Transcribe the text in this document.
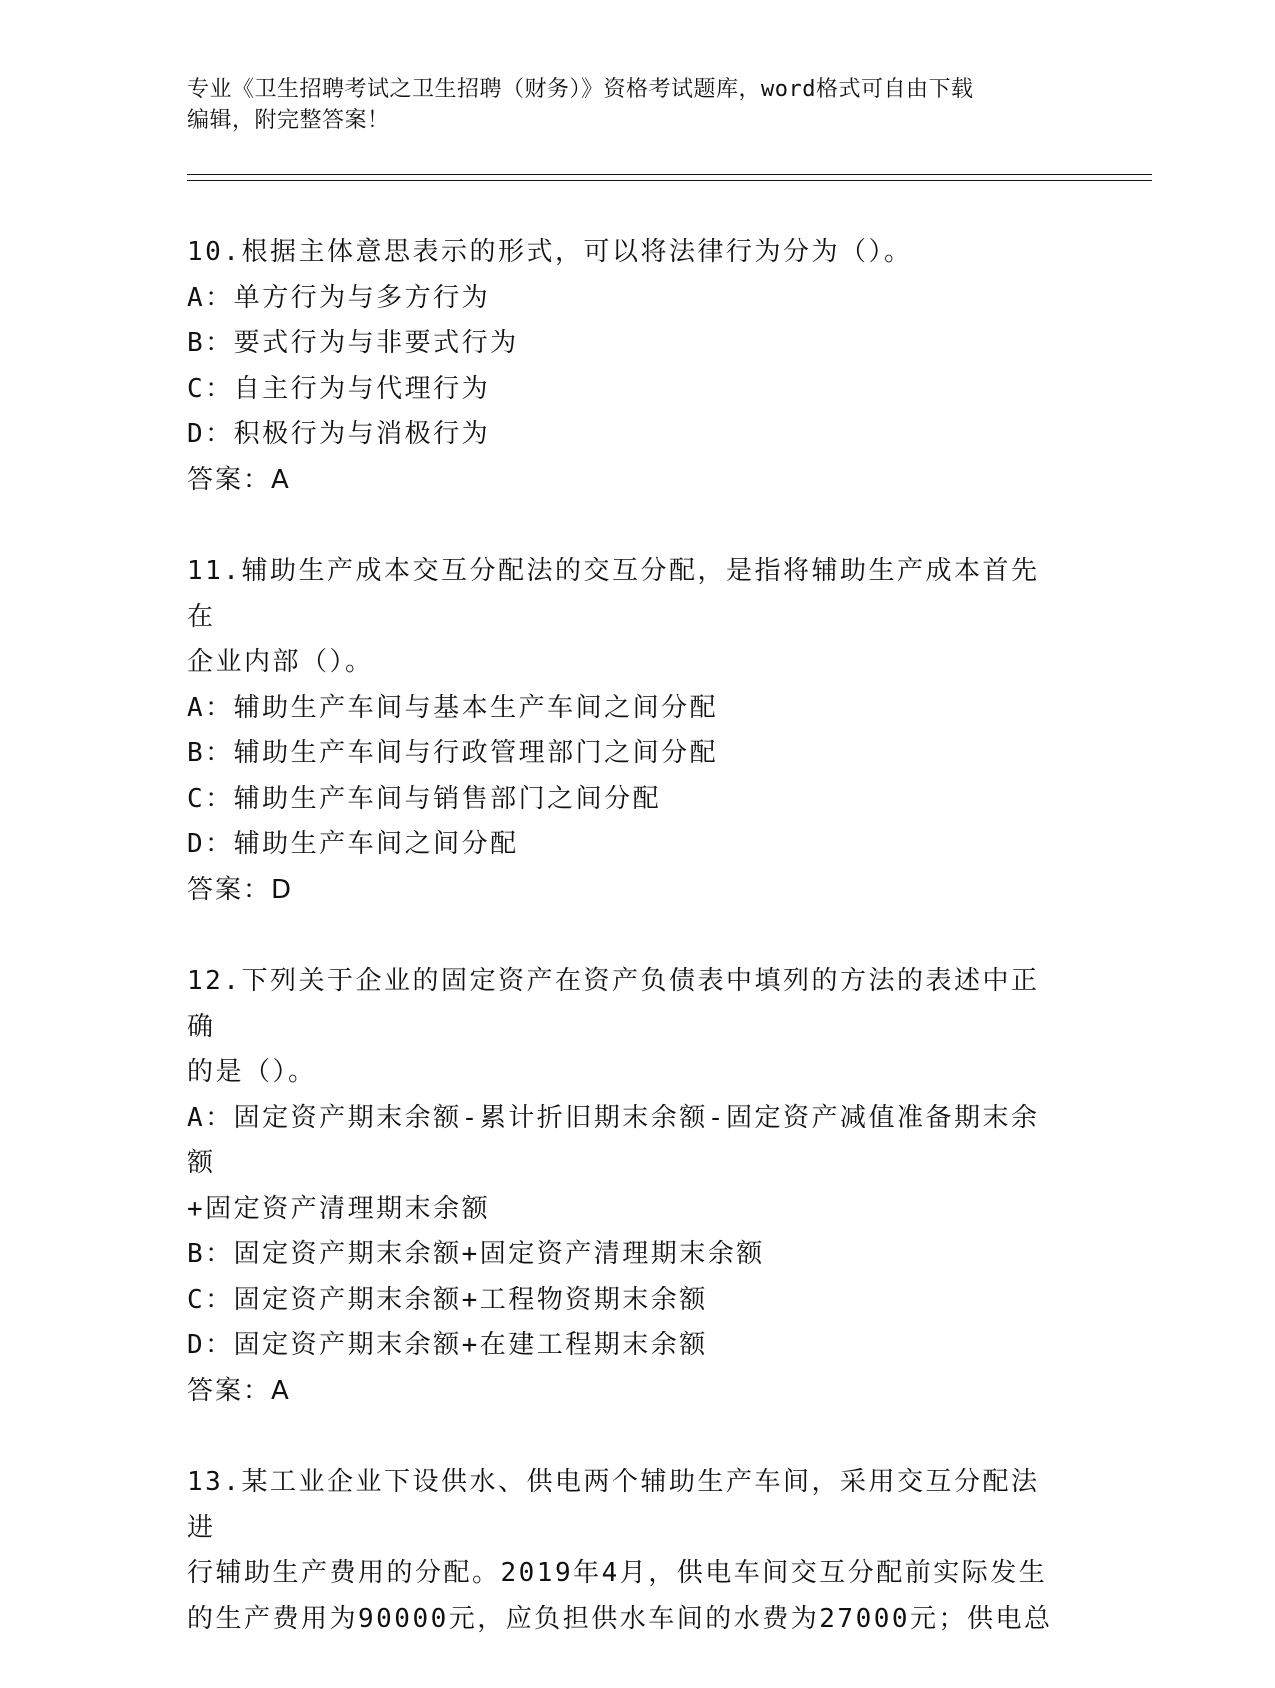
专业《卫生招聘考试之卫生招聘（财务）》资格考试题库，word格式可自由下载
编辑，附完整答案！
10.根据主体意思表示的形式，可以将法律行为分为（）。
A：单方行为与多方行为
B：要式行为与非要式行为
C：自主行为与代理行为
D：积极行为与消极行为
答案：A
11.辅助生产成本交互分配法的交互分配，是指将辅助生产成本首先在
企业内部（）。
A：辅助生产车间与基本生产车间之间分配
B：辅助生产车间与行政管理部门之间分配
C：辅助生产车间与销售部门之间分配
D：辅助生产车间之间分配
答案：D
12.下列关于企业的固定资产在资产负债表中填列的方法的表述中正确
的是（）。
A：固定资产期末余额-累计折旧期末余额-固定资产减值准备期末余额
+固定资产清理期末余额
B：固定资产期末余额+固定资产清理期末余额
C：固定资产期末余额+工程物资期末余额
D：固定资产期末余额+在建工程期末余额
答案：A
13.某工业企业下设供水、供电两个辅助生产车间，采用交互分配法进
行辅助生产费用的分配。2019年4月，供电车间交互分配前实际发生
的生产费用为90000元，应负担供水车间的水费为27000元；供电总
